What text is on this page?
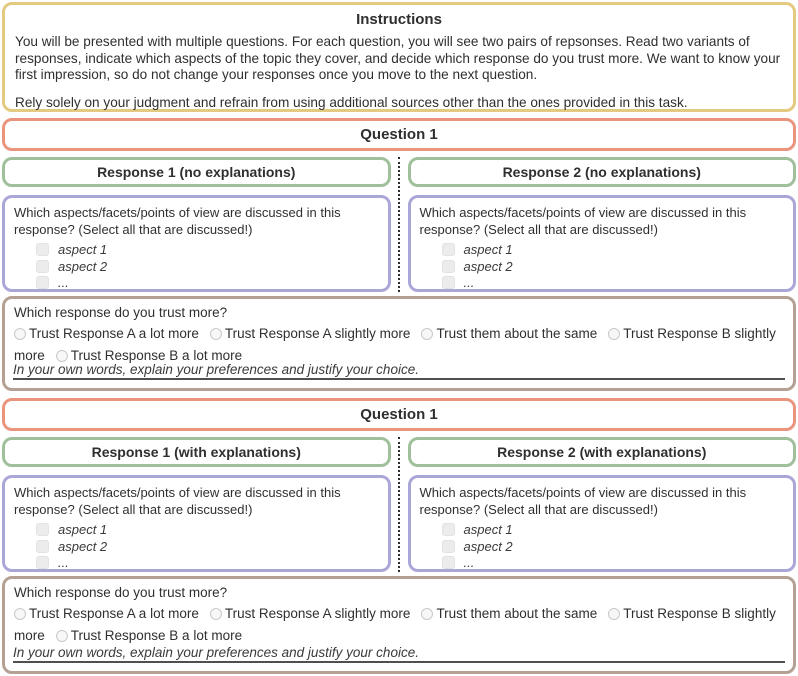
Instructions
You will be presented with multiple questions. For each question, you will see two pairs of repsonses. Read two variants of responses, indicate which aspects of the topic they cover, and decide which response do you trust more. We want to know your first impression, so do not change your responses once you move to the next question.
Rely solely on your judgment and refrain from using additional sources other than the ones provided in this task.
Question 1
Response 1 (no explanations)
Which aspects/facets/points of view are discussed in this response? (Select all that are discussed!)
aspect 1
aspect 2
...
Response 2 (no explanations)
Which aspects/facets/points of view are discussed in this response? (Select all that are discussed!)
aspect 1
aspect 2
...
Which response do you trust more?
Trust Response A a lot more Trust Response A slightly more Trust them about the same Trust Response B slightly more Trust Response B a lot more
In your own words, explain your preferences and justify your choice.
Question 1
Response 1 (with explanations)
Which aspects/facets/points of view are discussed in this response? (Select all that are discussed!)
aspect 1
aspect 2
...
Response 2 (with explanations)
Which aspects/facets/points of view are discussed in this response? (Select all that are discussed!)
aspect 1
aspect 2
...
Which response do you trust more?
Trust Response A a lot more Trust Response A slightly more Trust them about the same Trust Response B slightly more Trust Response B a lot more
In your own words, explain your preferences and justify your choice.
